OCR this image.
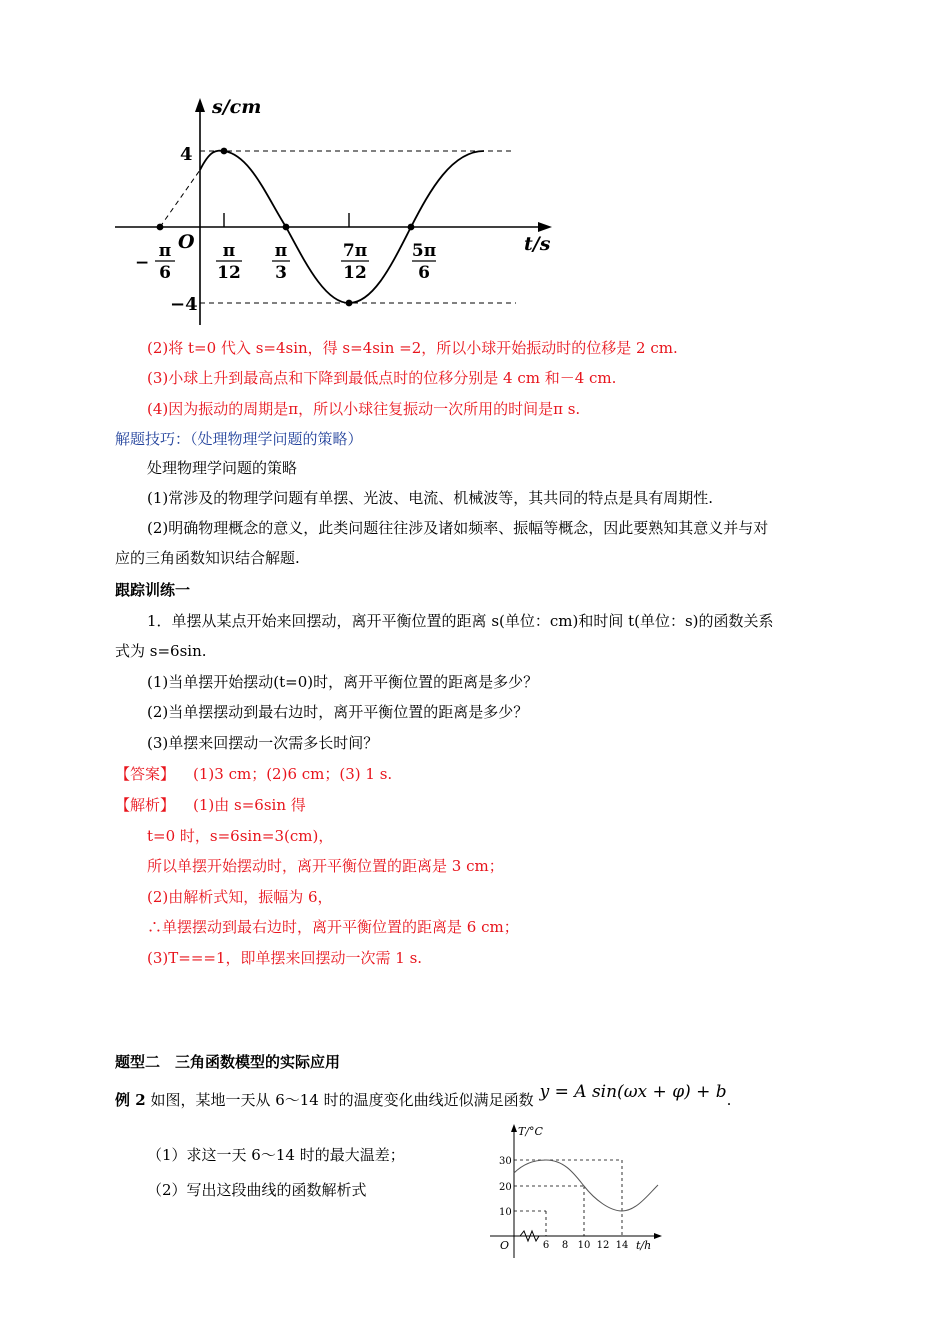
s/cm
t/s
O
4
−4
−
π
6
π
12
π
3
7π
12
5π
6
(2)将 t=0 代入 s=4sin，得 s=4sin =2，所以小球开始振动时的位移是 2 cm.
(3)小球上升到最高点和下降到最低点时的位移分别是 4 cm 和－4 cm.
(4)因为振动的周期是π，所以小球往复振动一次所用的时间是π s.
解题技巧：（处理物理学问题的策略）
处理物理学问题的策略
(1)常涉及的物理学问题有单摆、光波、电流、机械波等，其共同的特点是具有周期性.
(2)明确物理概念的意义，此类问题往往涉及诸如频率、振幅等概念，因此要熟知其意义并与对
应的三角函数知识结合解题.
跟踪训练一
1．单摆从某点开始来回摆动，离开平衡位置的距离 s(单位：cm)和时间 t(单位：s)的函数关系
式为 s=6sin.
(1)当单摆开始摆动(t=0)时，离开平衡位置的距离是多少？
(2)当单摆摆动到最右边时，离开平衡位置的距离是多少？
(3)单摆来回摆动一次需多长时间？
【答案】 (1)3 cm；(2)6 cm；(3) 1 s.
【解析】 (1)由 s=6sin 得
t=0 时，s=6sin=3(cm)，
所以单摆开始摆动时，离开平衡位置的距离是 3 cm；
(2)由解析式知，振幅为 6，
∴单摆摆动到最右边时，离开平衡位置的距离是 6 cm；
(3)T===1，即单摆来回摆动一次需 1 s.
题型二　三角函数模型的实际应用
例 2 如图，某地一天从 6～14 时的温度变化曲线近似满足函数 y = A sin(ωx + φ) + b.
（1）求这一天 6～14 时的最大温差；
（2）写出这段曲线的函数解析式
T/°C
t/h
O
30
20
10
6 8 10 12 14
